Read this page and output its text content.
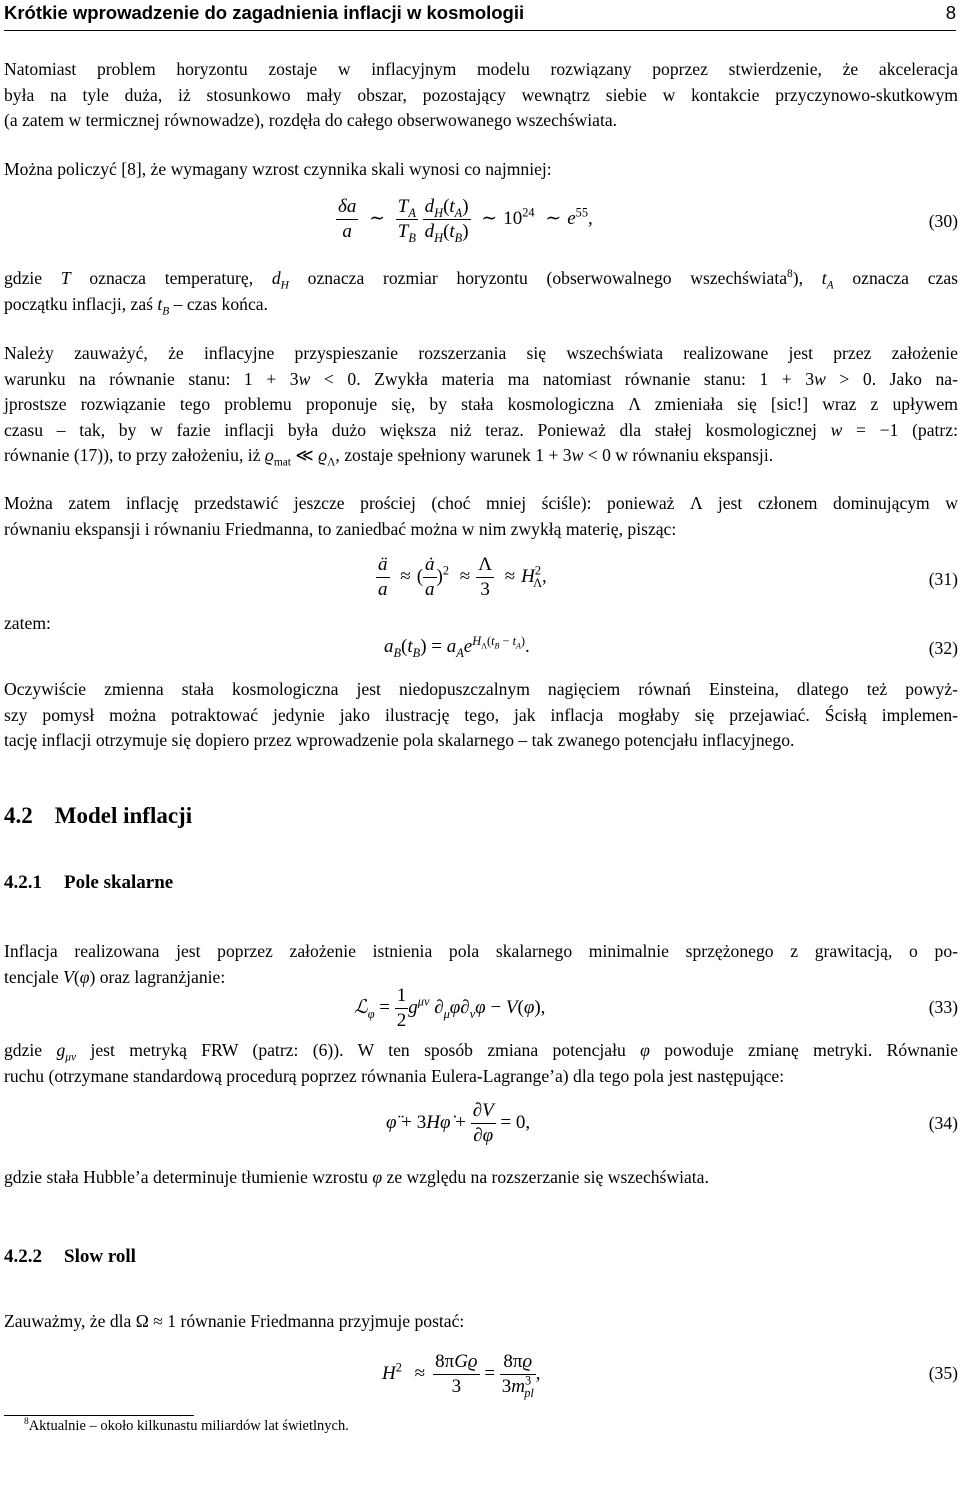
Krótkie wprowadzenie do zagadnienia inflacji w kosmologii	8
Natomiast problem horyzontu zostaje w inflacyjnym modelu rozwiązany poprzez stwierdzenie, że akceleracja
była na tyle duża, iż stosunkowo mały obszar, pozostający wewnątrz siebie w kontakcie przyczynowo-skutkowym
(a zatem w termicznej równowadze), rozdęła do całego obserwowanego wszechświata.
Można policzyć [8], że wymagany wzrost czynnika skali wynosi co najmniej:
$\frac{\delta a}{a}$ ∼ $\frac{T_A}{T_B}$
$\frac{d_H(t_A)}{d_H(t_B)}$ ∼ $10^{24}$ ∼ $e^{55}$,	(30)
gdzie T oznacza temperaturę, $d_H$ oznacza rozmiar horyzontu (obserwowalnego wszechświata$^8$), $t_A$ oznacza czas
początku inflacji, zaś $t_B$ – czas końca.
Należy zauważyć, że inflacyjne przyspieszanie rozszerzania się wszechświata realizowane jest przez założenie
warunku na równanie stanu: 1 + 3w < 0. Zwykła materia ma natomiast równanie stanu: 1 + 3w > 0. Jako na-
jprostsze rozwiązanie tego problemu proponuje się, by stała kosmologiczna Λ zmieniała się [sic!] wraz z upływem
czasu – tak, by w fazie inflacji była dużo większa niż teraz. Ponieważ dla stałej kosmologicznej w = −1 (patrz:
równanie (17)), to przy założeniu, iż $ϱ_{mat}$ ≪ $ϱ_\Lambda$, zostaje spełniony warunek 1 + 3w < 0 w równaniu ekspansji.
Można zatem inflację przedstawić jeszcze prościej (choć mniej ściśle): ponieważ Λ jest członem dominującym w
równaniu ekspansji i równaniu Friedmanna, to zaniedbać można w nim zwykłą materię, pisząc:
$\frac{ä}{a}$ ≈ ( $\frac{ȧ}{a} )^2 \approx \frac{\Lambda}{3} \approx H^2_\Lambda$,	(31)
zatem:
$a_B(t_B) = a_Ae^{H_\Lambda(t_B - t_A)}$.	(32)
Oczywiście zmienna stała kosmologiczna jest niedopuszczalnym nagięciem równań Einsteina, dlatego też powyż-
szy pomysł można potraktować jedynie jako ilustrację tego, jak inflacja mogłaby się przejawiać. Ścisłą implemen-
tację inflacji otrzymuje się dopiero przez wprowadzenie pola skalarnego – tak zwanego potencjału inflacyjnego.
4.2 Model inflacji
4.2.1 Pole skalarne
Inflacja realizowana jest poprzez założenie istnienia pola skalarnego minimalnie sprzężonego z grawitacją, o po-
tencjale V(φ) oraz lagranżjanie:
ℒ$_\varphi$ = $\frac{1}{2} g^{\mu\nu}$ $\partial_\mu\varphi\partial_\nu\varphi - V(\varphi)$,	(33)
gdzie $g_{\mu\nu}$ jest metryką FRW (patrz: (6)). W ten sposób zmiana potencjału φ powoduje zmianę metryki. Równanie
ruchu (otrzymane standardową procedurą poprzez równania Eulera-Lagrange’a) dla tego pola jest następujące:
φ̈ + 3Hφ̇ + $\frac{\partial V}{\partial\varphi} = 0$,	(34)
gdzie stała Hubble’a determinuje tłumienie wzrostu φ ze względu na rozszerzanie się wszechświata.
4.2.2 Slow roll
Zauważmy, że dla Ω ≈ 1 równanie Friedmanna przyjmuje postać:
$H^2 \approx \frac{\text{8πGϱ}}{3} = \frac{8\pi ϱ}{3m^3_{pl}}$ ,	(35)
$^8$Aktualnie – około kilkunastu miliardów lat świetlnych.
